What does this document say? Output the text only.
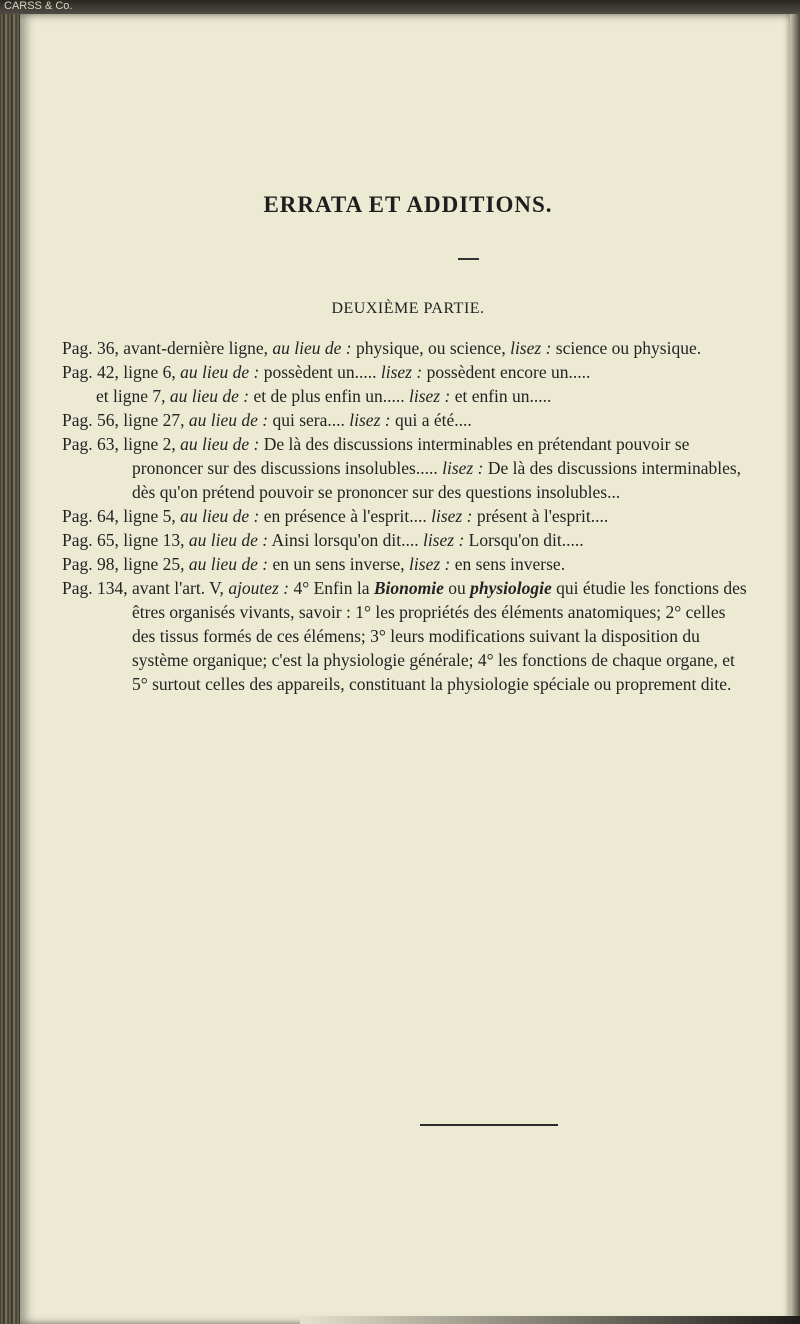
CARSS & Co.
ERRATA ET ADDITIONS.
DEUXIÈME PARTIE.

Pag. 36, avant-dernière ligne, au lieu de : physique, ou science, lisez : science ou physique.

Pag. 42, ligne 6, au lieu de : possèdent un..... lisez : possèdent encore un.....

et ligne 7, au lieu de : et de plus enfin un..... lisez : et enfin un.....

Pag. 56, ligne 27, au lieu de : qui sera.... lisez : qui a été....

Pag. 63, ligne 2, au lieu de : De là des discussions interminables en prétendant pouvoir se prononcer sur des discussions insolubles..... lisez : De là des discussions interminables, dès qu'on prétend pouvoir se prononcer sur des questions insolubles...

Pag. 64, ligne 5, au lieu de : en présence à l'esprit.... lisez : présent à l'esprit....

Pag. 65, ligne 13, au lieu de : Ainsi lorsqu'on dit.... lisez : Lorsqu'on dit.....

Pag. 98, ligne 25, au lieu de : en un sens inverse, lisez : en sens inverse.

Pag. 134, avant l'art. V, ajoutez : 4° Enfin la Bionomie ou physiologie qui étudie les fonctions des êtres organisés vivants, savoir : 1° les propriétés des éléments anatomiques; 2° celles des tissus formés de ces élémens; 3° leurs modifications suivant la disposition du système organique; c'est la physiologie générale; 4° les fonctions de chaque organe, et 5° surtout celles des appareils, constituant la physiologie spéciale ou proprement dite.
